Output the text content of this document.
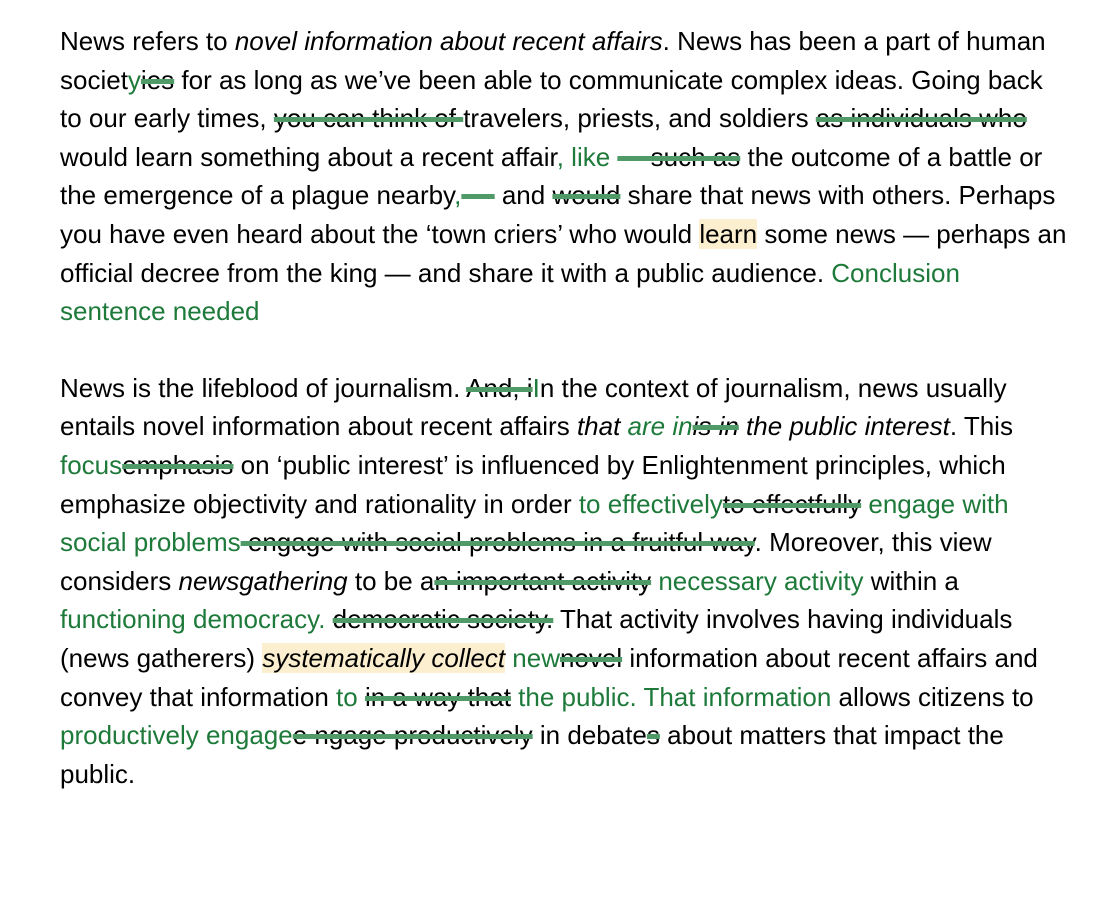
News refers to novel information about recent affairs. News has been a part of human societyies for as long as we’ve been able to communicate complex ideas. Going back to our early times, you can think of travelers, priests, and soldiers as individuals who would learn something about a recent affair, like — such as the outcome of a battle or the emergence of a plague nearby, — and would share that news with others. Perhaps you have even heard about the ‘town criers’ who would learn some news — perhaps an official decree from the king — and share it with a public audience. Conclusion sentence needed

News is the lifeblood of journalism. And, iIn the context of journalism, news usually entails novel information about recent affairs that are inis in the public interest. This focusemphasis on ‘public interest’ is influenced by Enlightenment principles, which emphasize objectivity and rationality in order to effectivelyto effectfully engage with social problems engage with social problems in a fruitful way. Moreover, this view considers newsgathering to be an important activity necessary activity within a functioning democracy. democratic society. That activity involves having individuals (news gatherers) systematically collect newnovel information about recent affairs and convey that information to in a way that the public. That information allows citizens to productively engagee ngage productively in debates about matters that impact the public.
